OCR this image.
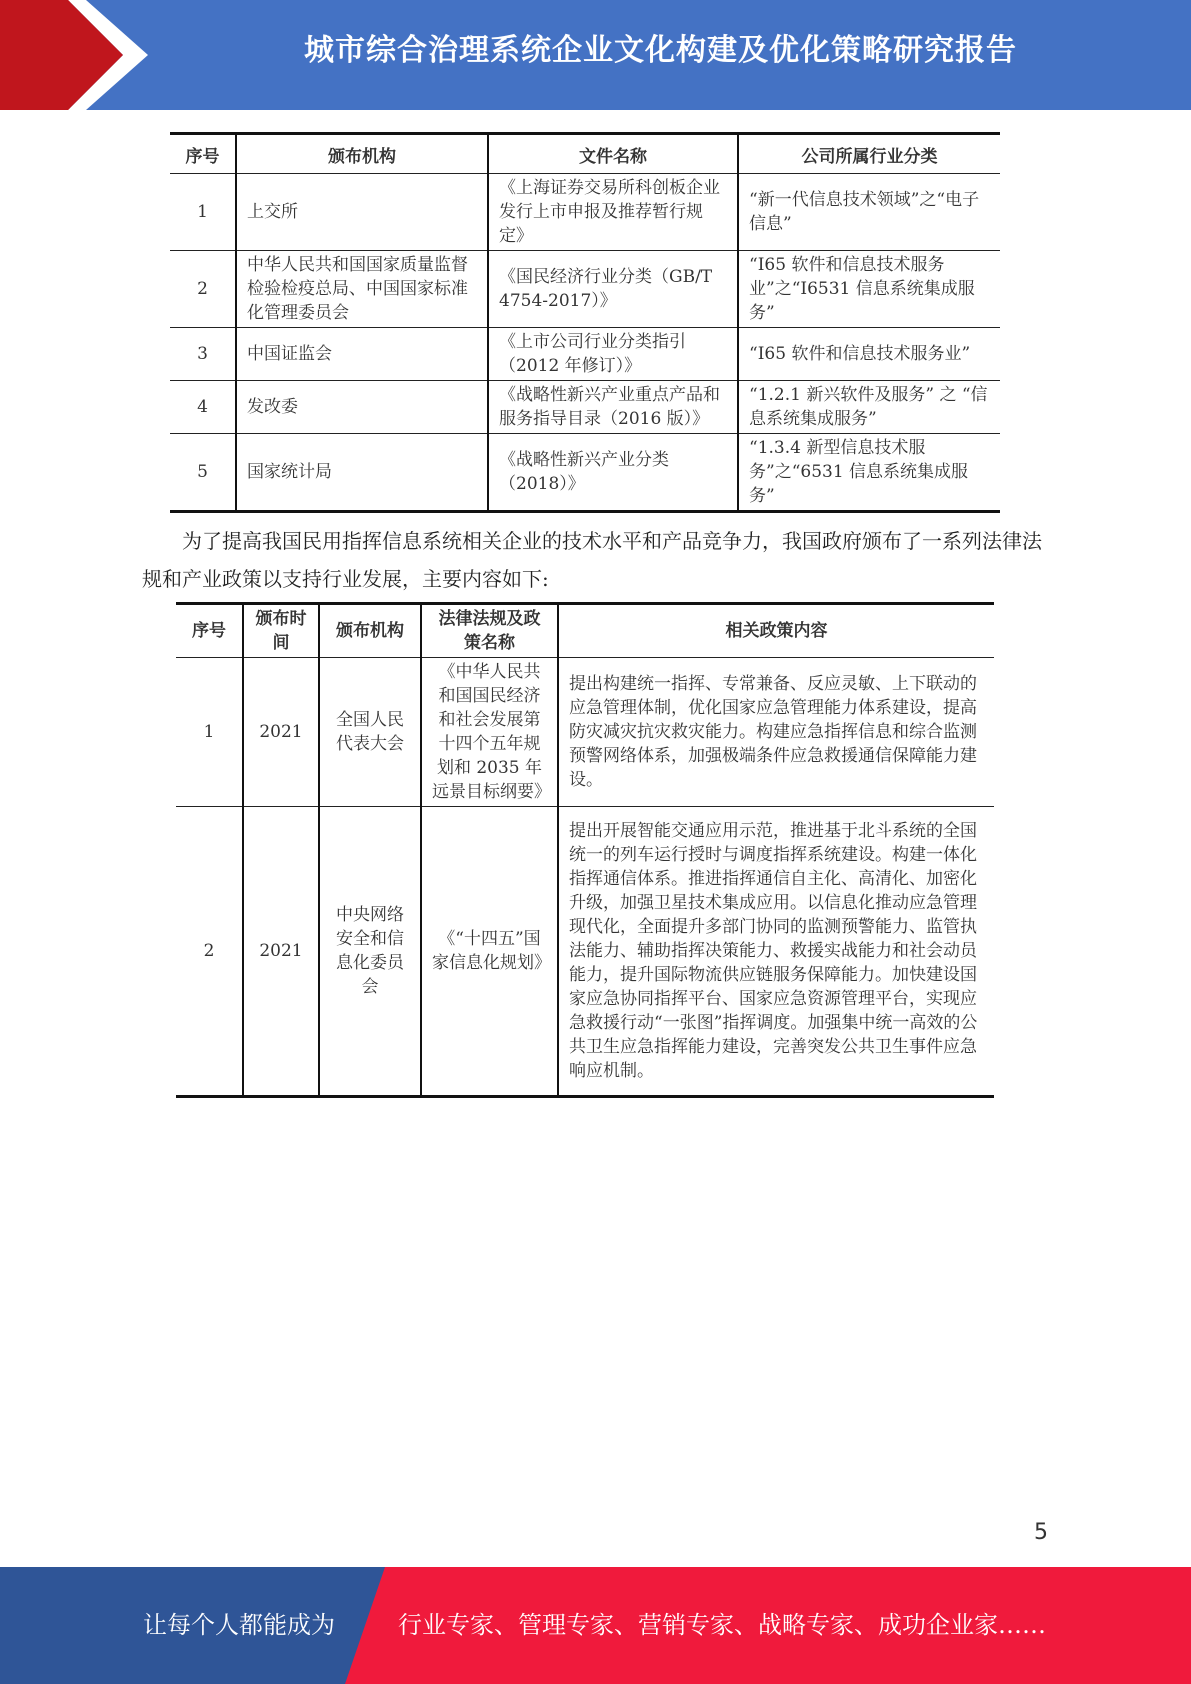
城市综合治理系统企业文化构建及优化策略研究报告
序号	颁布机构	文件名称	公司所属行业分类
1	上交所	《上海证券交易所科创板企业发行上市申报及推荐暂行规定》	“新一代信息技术领域”之“电子信息”
2	中华人民共和国国家质量监督检验检疫总局、中国国家标准化管理委员会	《国民经济行业分类（GB/T 4754-2017）》	“I65 软件和信息技术服务业”之“I6531 信息系统集成服务”
3	中国证监会	《上市公司行业分类指引（2012 年修订）》	“I65 软件和信息技术服务业”
4	发改委	《战略性新兴产业重点产品和服务指导目录（2016 版）》	“1.2.1 新兴软件及服务” 之 “信息系统集成服务”
5	国家统计局	《战略性新兴产业分类（2018）》	“1.3.4 新型信息技术服务”之“6531 信息系统集成服务”

为了提高我国民用指挥信息系统相关企业的技术水平和产品竞争力，我国政府颁布了一系列法律法规和产业政策以支持行业发展，主要内容如下:

序号	颁布时间	颁布机构	法律法规及政策名称	相关政策内容
1	2021	全国人民代表大会	《中华人民共和国国民经济和社会发展第十四个五年规划和 2035 年远景目标纲要》	提出构建统一指挥、专常兼备、反应灵敏、上下联动的应急管理体制，优化国家应急管理能力体系建设，提高防灾减灾抗灾救灾能力。构建应急指挥信息和综合监测预警网络体系，加强极端条件应急救援通信保障能力建设。
2	2021	中央网络安全和信息化委员会	《“十四五”国家信息化规划》	提出开展智能交通应用示范，推进基于北斗系统的全国统一的列车运行授时与调度指挥系统建设。构建一体化指挥通信体系。推进指挥通信自主化、高清化、加密化升级，加强卫星技术集成应用。以信息化推动应急管理现代化，全面提升多部门协同的监测预警能力、监管执法能力、辅助指挥决策能力、救援实战能力和社会动员能力，提升国际物流供应链服务保障能力。加快建设国家应急协同指挥平台、国家应急资源管理平台，实现应急救援行动“一张图”指挥调度。加强集中统一高效的公共卫生应急指挥能力建设，完善突发公共卫生事件应急响应机制。
5
让每个人都能成为	行业专家、管理专家、营销专家、战略专家、成功企业家……
